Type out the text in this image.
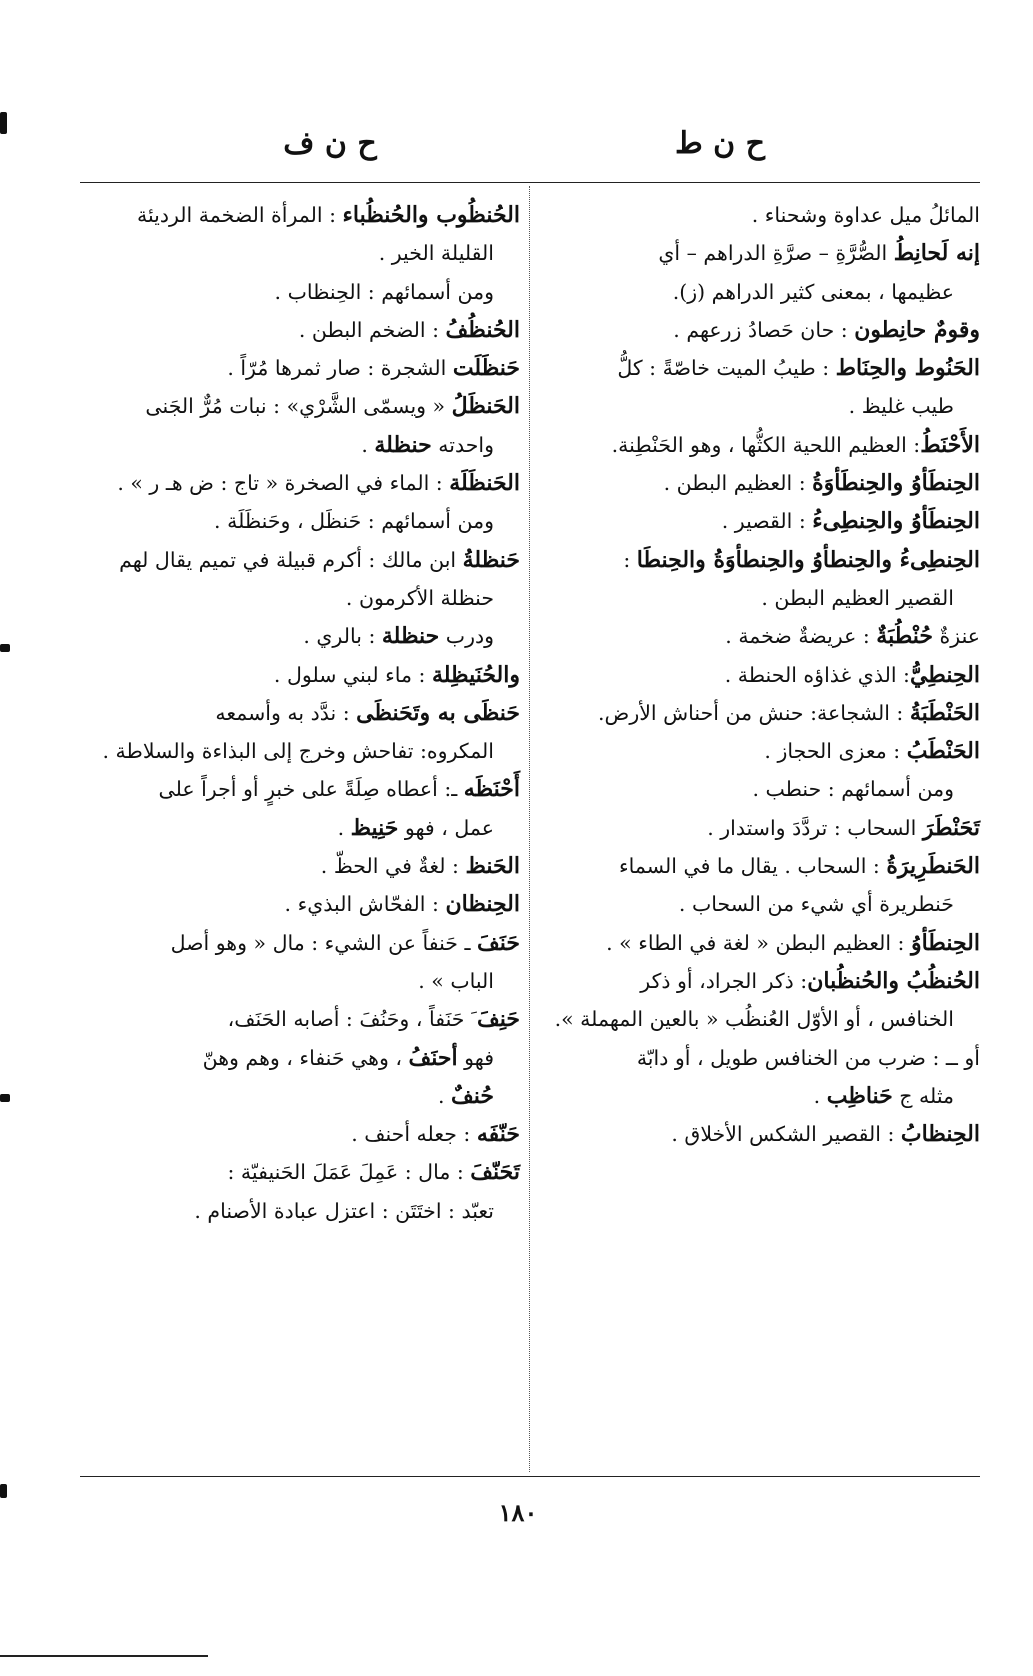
ح ن ط
ح ن ف
المائلُ ميل عداوة وشحناء .
إنه لَحانِطُ الصُّرَّةِ – صرَّةِ الدراهم – أي
عظيمها ، بمعنى كثير الدراهم (ز).
وقومٌ حانِطون : حان حَصادُ زرعهم .
الحَنُوط والحِنَاط : طيبُ الميت خاصّةً : كلُّ
طيب غليظ .
الأَحْنَطُ: العظيم اللحية الكثُّها ، وهو الحَنْطِنة.
الحِنطَأوُ والحِنطَأوَةُ : العظيم البطن .
الحِنطَأوُ والحِنطِىءُ : القصير .
الحِنطِىءُ والحِنطأوُ والحِنطأوَةُ والحِنطَا :
القصير العظيم البطن .
عنزةٌ حُنْطُبَةٌ : عريضةٌ ضخمة .
الحِنطِيُّ: الذي غذاؤه الحنطة .
الحَنْطَبَةُ : الشجاعة: حنش من أحناش الأرض.
الحَنْطَبُ : معزى الحجاز .
ومن أسمائهم : حنطب .
تَحَنْطَرَ السحاب : تردَّدَ واستدار .
الحَنطَرِيرَةُ : السحاب . يقال ما في السماء
حَنطريرة أي شيء من السحاب .
الحِنطَأوُ : العظيم البطن « لغة في الطاء » .
الحُنظُبُ والحُنظُبان: ذكر الجراد، أو ذكر
الخنافس ، أو الأوّل العُنظُب « بالعين المهملة ».
أو ــ : ضرب من الخنافس طويل ، أو دابّة
مثله ج حَناظِب .
الحِنظابُ : القصير الشكس الأخلاق .
الحُنظُوب والحُنظُباء : المرأة الضخمة الرديئة
القليلة الخير .
ومن أسمائهم : الحِنظاب .
الحُنظُفُ : الضخم البطن .
حَنظَلَت الشجرة : صار ثمرها مُرّاً .
الحَنظَلُ « ويسمّى الشَّرْي» : نبات مُرٌّ الجَنى
واحدته حنظلة .
الحَنظَلَة : الماء في الصخرة « تاج : ض هـ ر » .
ومن أسمائهم : حَنظَل ، وحَنظَلَة .
حَنظلةُ ابن مالك : أكرم قبيلة في تميم يقال لهم
حنظلة الأكرمون .
ودرب حنظلة : بالري .
والحُنَيظِلة : ماء لبني سلول .
حَنظَى به وتَحَنظَى : ندَّد به وأسمعه
المكروه: تفاحش وخرج إلى البذاءة والسلاطة .
أَحْنَظَه ـ: أعطاه صِلَةً على خبرٍ أو أجراً على
عمل ، فهو حَنِيظ .
الحَنظ : لغةٌ في الحظّ .
الحِنظان : الفحّاش البذيء .
حَنَفَ ـ حَنفاً عن الشيء : مال « وهو أصل
الباب » .
حَنِفَ َ حَنَفاً ، وحَنُفَ : أصابه الحَنَف،
فهو أحنَفُ ، وهي حَنفاء ، وهم وهنّ
حُنفٌ .
حَنّفَه : جعله أحنف .
تَحَنّفَ : مال : عَمِلَ عَمَلَ الحَنيفيّة :
تعبّد : اختَتَن : اعتزل عبادة الأصنام .
١٨٠
